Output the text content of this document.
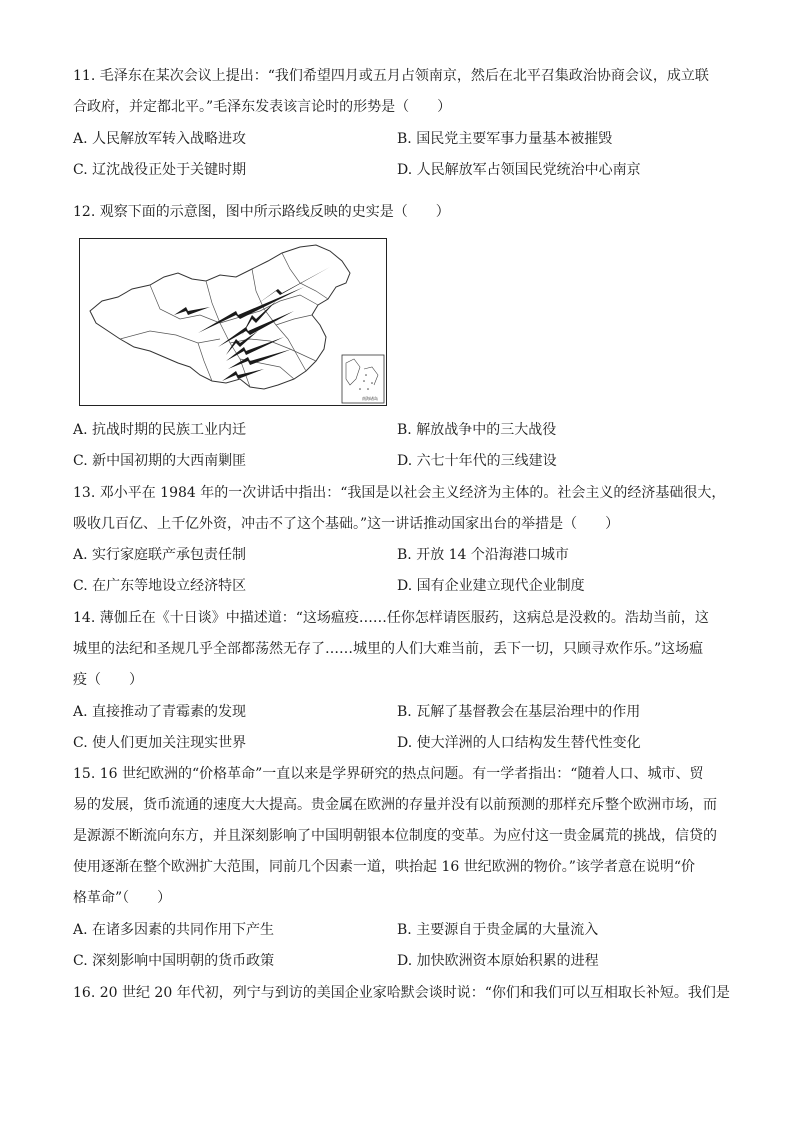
11. 毛泽东在某次会议上提出：“我们希望四月或五月占领南京，然后在北平召集政治协商会议，成立联
合政府，并定都北平。”毛泽东发表该言论时的形势是（　　）
A. 人民解放军转入战略进攻	B. 国民党主要军事力量基本被摧毁
C. 辽沈战役正处于关键时期	D. 人民解放军占领国民党统治中心南京
12. 观察下面的示意图，图中所示路线反映的史实是（　　）
南海诸岛
A. 抗战时期的民族工业内迁	B. 解放战争中的三大战役
C. 新中国初期的大西南剿匪	D. 六七十年代的三线建设
13. 邓小平在 1984 年的一次讲话中指出：“我国是以社会主义经济为主体的。社会主义的经济基础很大，
吸收几百亿、上千亿外资，冲击不了这个基础。”这一讲话推动国家出台的举措是（　　）
A. 实行家庭联产承包责任制	B. 开放 14 个沿海港口城市
C. 在广东等地设立经济特区	D. 国有企业建立现代企业制度
14. 薄伽丘在《十日谈》中描述道：“这场瘟疫……任你怎样请医服药，这病总是没救的。浩劫当前，这
城里的法纪和圣规几乎全部都荡然无存了……城里的人们大难当前，丢下一切，只顾寻欢作乐。”这场瘟
疫（　　）
A. 直接推动了青霉素的发现	B. 瓦解了基督教会在基层治理中的作用
C. 使人们更加关注现实世界	D. 使大洋洲的人口结构发生替代性变化
15. 16 世纪欧洲的“价格革命”一直以来是学界研究的热点问题。有一学者指出：“随着人口、城市、贸
易的发展，货币流通的速度大大提高。贵金属在欧洲的存量并没有以前预测的那样充斥整个欧洲市场，而
是源源不断流向东方，并且深刻影响了中国明朝银本位制度的变革。为应付这一贵金属荒的挑战，信贷的
使用逐渐在整个欧洲扩大范围，同前几个因素一道，哄抬起 16 世纪欧洲的物价。”该学者意在说明“价
格革命”（　　）
A. 在诸多因素的共同作用下产生	B. 主要源自于贵金属的大量流入
C. 深刻影响中国明朝的货币政策	D. 加快欧洲资本原始积累的进程
16. 20 世纪 20 年代初，列宁与到访的美国企业家哈默会谈时说：“你们和我们可以互相取长补短。我们是
